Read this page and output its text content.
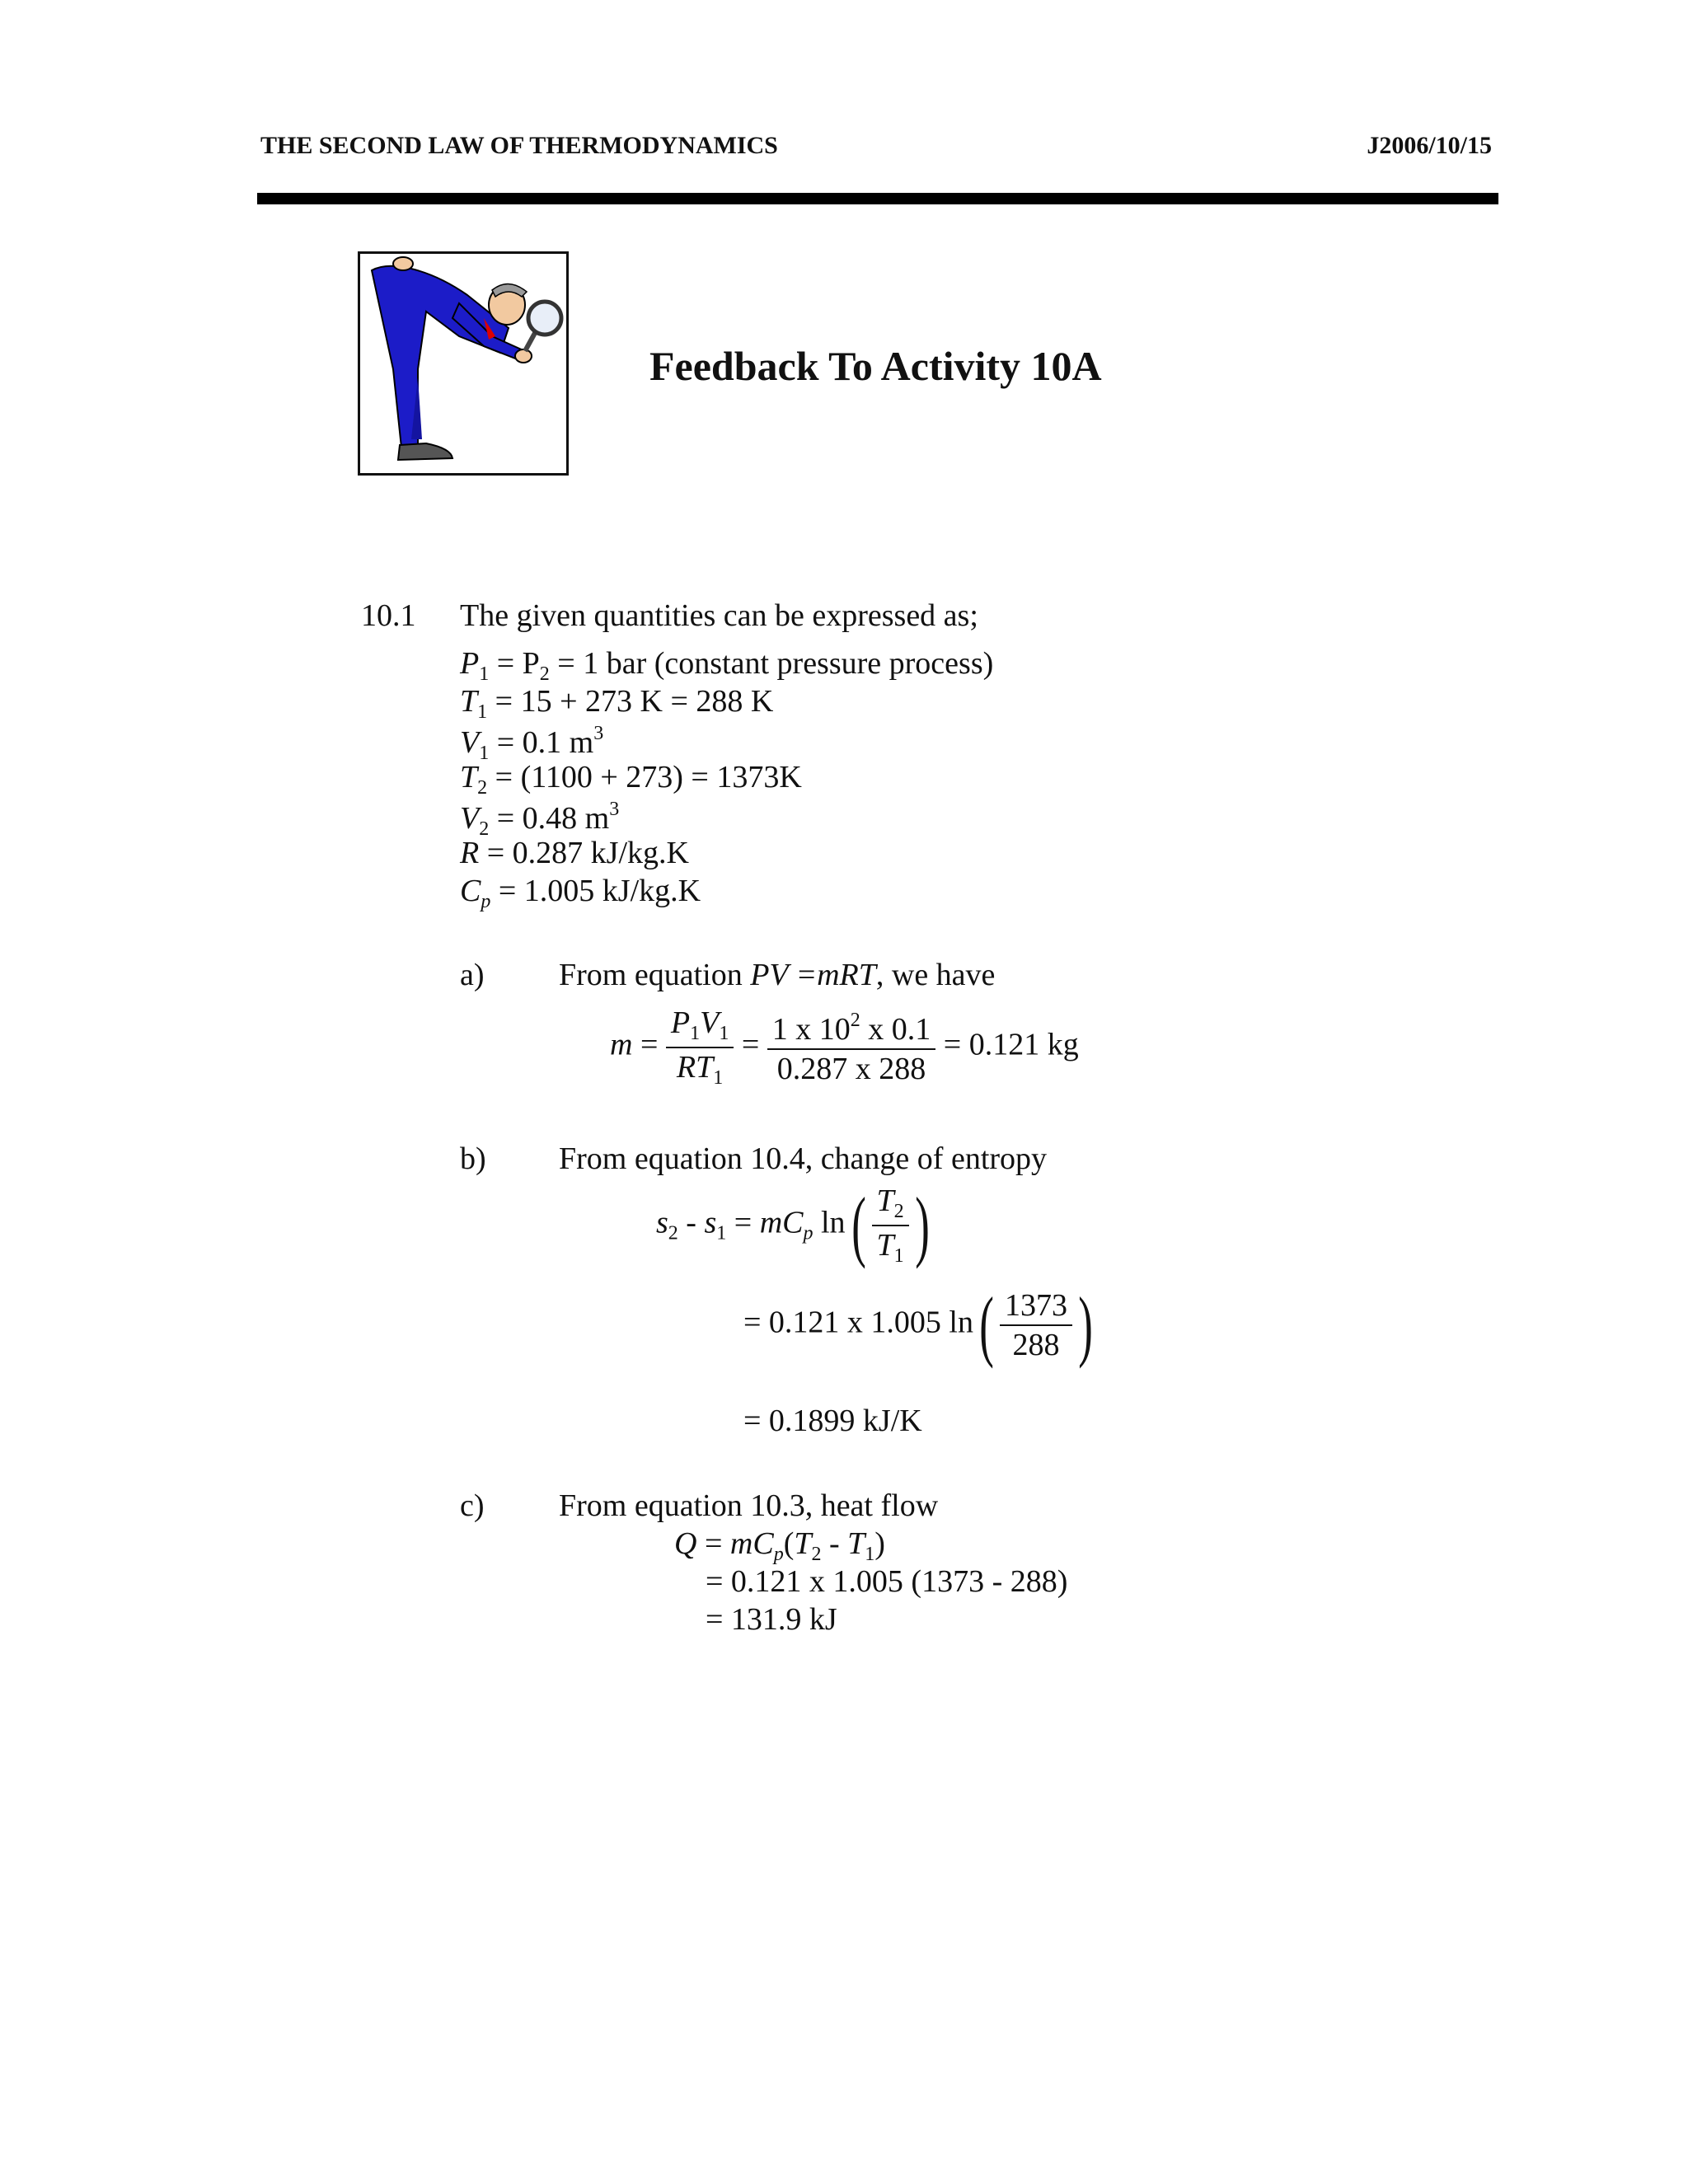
THE SECOND LAW OF THERMODYNAMICS	J2006/10/15
Feedback To Activity 10A
10.1 The given quantities can be expressed as;
$P_1 = P_2 = 1$ bar (constant pressure process)
$T_1 = 15 + 273$ K = 288 K
$V_1 = 0.1$ $m^3$
$T_2 = (1100 + 273) = 1373K$
$V_2 = 0.48$ $m^3$
R = 0.287 kJ/kg.K
$C_p = 1.005$ kJ/kg.K
a) From equation PV =mRT, we have
$m = \frac{P_1V_1}{RT_1} = \frac{1 x 10^2 x 0.1}{0.287 x 288} = 0.121$ kg
b) From equation 10.4, change of entropy
$s_2 - s_1 = mC_p$ $\ln( \frac{T_2}{T_1}$ )
= 0.121 x 1.005 $\ln( \frac{1373}{288}$ )
= 0.1899 kJ/K
c) From equation 10.3, heat flow
$Q = mC_p(T_2 - T_1)$
= 0.121 x 1.005 (1373 - 288)
= 131.9 kJ
